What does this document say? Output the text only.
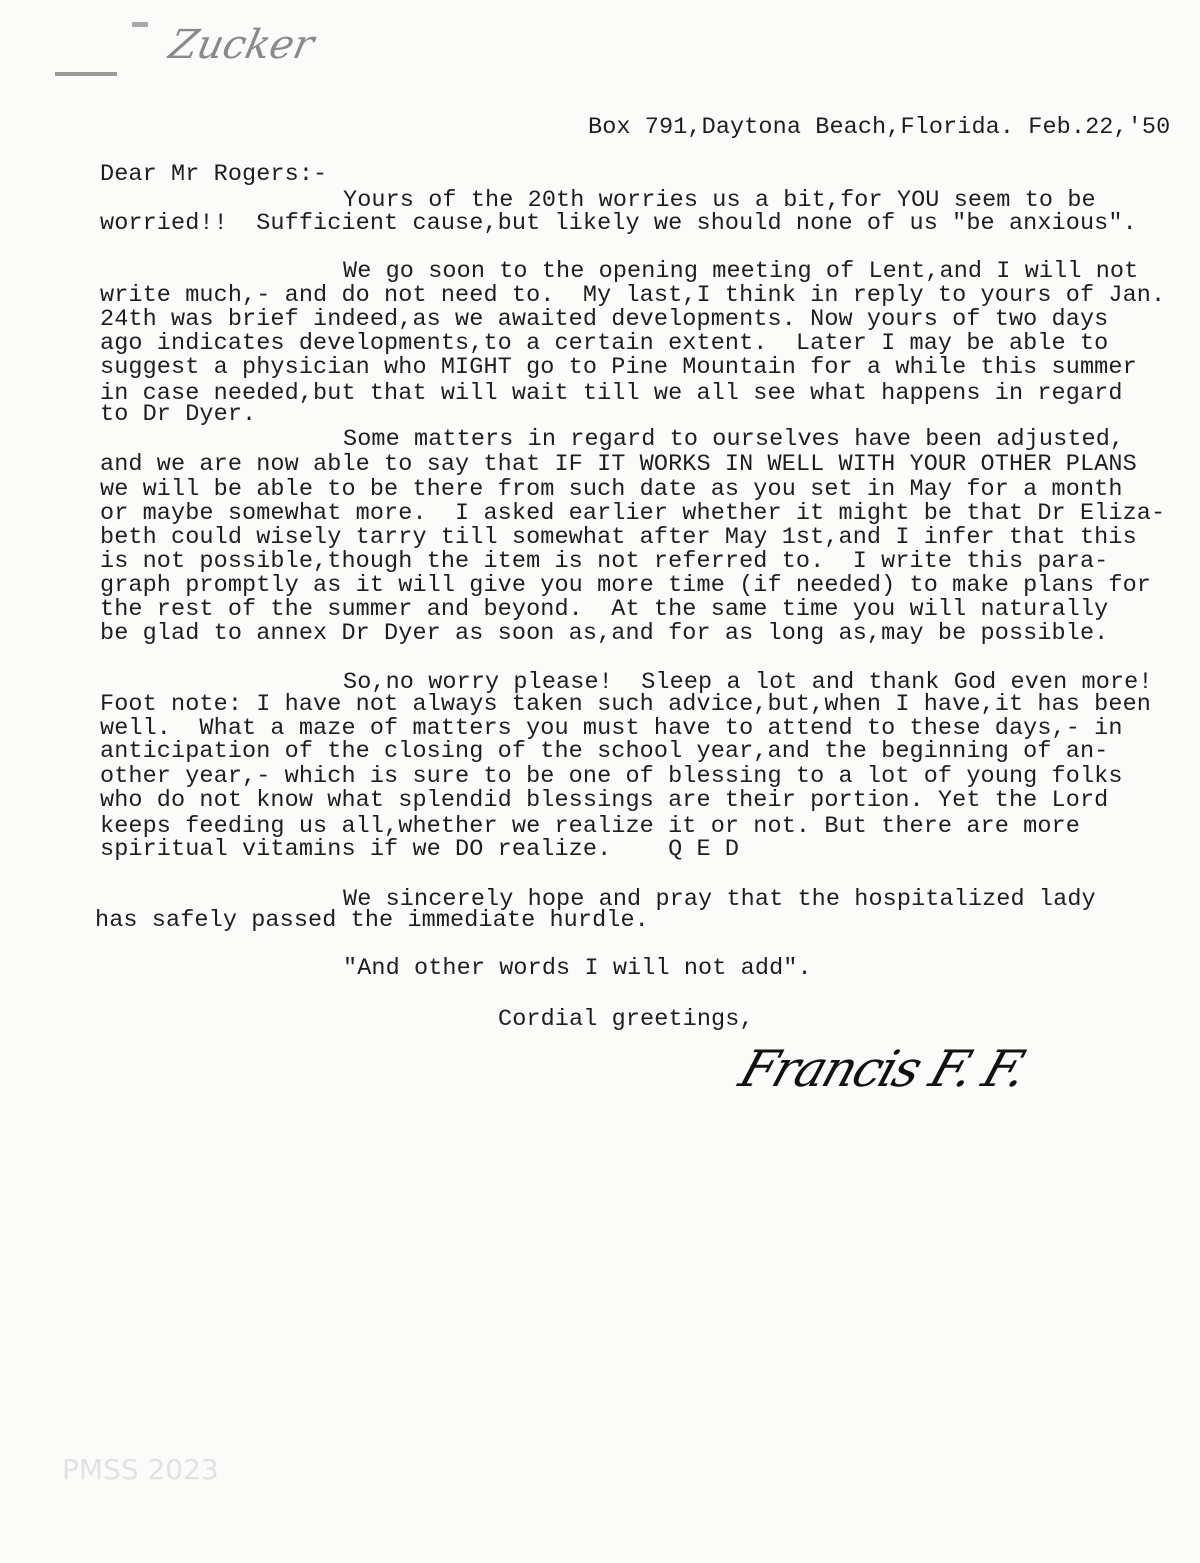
Zucker
Box 791,Daytona Beach,Florida. Feb.22,'50
Dear Mr Rogers:-
Yours of the 20th worries us a bit,for YOU seem to be
worried!!  Sufficient cause,but likely we should none of us "be anxious".
We go soon to the opening meeting of Lent,and I will not
write much,- and do not need to.  My last,I think in reply to yours of Jan.
24th was brief indeed,as we awaited developments. Now yours of two days
ago indicates developments,to a certain extent.  Later I may be able to
suggest a physician who MIGHT go to Pine Mountain for a while this summer
in case needed,but that will wait till we all see what happens in regard
to Dr Dyer.
Some matters in regard to ourselves have been adjusted,
and we are now able to say that IF IT WORKS IN WELL WITH YOUR OTHER PLANS
we will be able to be there from such date as you set in May for a month
or maybe somewhat more.  I asked earlier whether it might be that Dr Eliza-
beth could wisely tarry till somewhat after May 1st,and I infer that this
is not possible,though the item is not referred to.  I write this para-
graph promptly as it will give you more time (if needed) to make plans for
the rest of the summer and beyond.  At the same time you will naturally
be glad to annex Dr Dyer as soon as,and for as long as,may be possible.
So,no worry please!  Sleep a lot and thank God even more!
Foot note: I have not always taken such advice,but,when I have,it has been
well.  What a maze of matters you must have to attend to these days,- in
anticipation of the closing of the school year,and the beginning of an-
other year,- which is sure to be one of blessing to a lot of young folks
who do not know what splendid blessings are their portion. Yet the Lord
keeps feeding us all,whether we realize it or not. But there are more
spiritual vitamins if we DO realize.    Q E D
We sincerely hope and pray that the hospitalized lady
has safely passed the immediate hurdle.
"And other words I will not add".
Cordial greetings,
Francis F. F.
PMSS 2023
